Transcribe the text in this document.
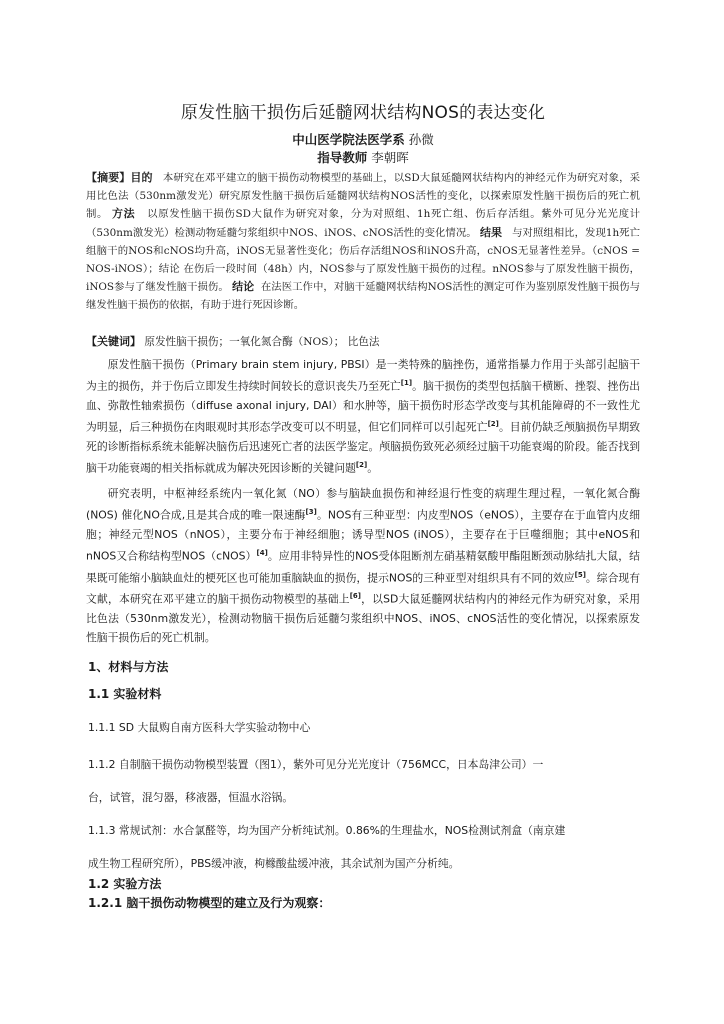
原发性脑干损伤后延髓网状结构NOS的表达变化
中山医学院法医学系 孙微
指导教师 李朝晖
【摘要】目的 本研究在邓平建立的脑干损伤动物模型的基础上，以SD大鼠延髓网状结构内的神经元作为研究对象，采用比色法（530nm激发光）研究原发性脑干损伤后延髓网状结构NOS活性的变化，以探索原发性脑干损伤后的死亡机制。 方法 以原发性脑干损伤SD大鼠作为研究对象，分为对照组、1h死亡组、伤后存活组。紫外可见分光光度计（530nm激发光）检测动物延髓匀浆组织中NOS、iNOS、cNOS活性的变化情况。 结果 与对照组相比，发现1h死亡组脑干的NOS和cNOS均升高，iNOS无显著性变化；伤后存活组NOS和iNOS升高，cNOS无显著性差异。（cNOS = NOS-iNOS）；结论 在伤后一段时间（48h）内，NOS参与了原发性脑干损伤的过程。nNOS参与了原发性脑干损伤，iNOS参与了继发性脑干损伤。 结论 在法医工作中，对脑干延髓网状结构NOS活性的测定可作为鉴别原发性脑干损伤与继发性脑干损伤的依据，有助于进行死因诊断。
【关键词】 原发性脑干损伤；一氧化氮合酶（NOS）； 比色法

原发性脑干损伤（Primary brain stem injury, PBSI）是一类特殊的脑挫伤，通常指暴力作用于头部引起脑干为主的损伤，并于伤后立即发生持续时间较长的意识丧失乃至死亡[1]。脑干损伤的类型包括脑干横断、挫裂、挫伤出血、弥散性轴索损伤（diffuse axonal injury, DAI）和水肿等，脑干损伤时形态学改变与其机能障碍的不一致性尤为明显，后三种损伤在肉眼观时其形态学改变可以不明显，但它们同样可以引起死亡[2]。目前仍缺乏颅脑损伤早期致死的诊断指标系统未能解决脑伤后迅速死亡者的法医学鉴定。颅脑损伤致死必须经过脑干功能衰竭的阶段。能否找到脑干功能衰竭的相关指标就成为解决死因诊断的关键问题[2]。

研究表明，中枢神经系统内一氧化氮（NO）参与脑缺血损伤和神经退行性变的病理生理过程，一氧化氮合酶 (NOS) 催化NO合成,且是其合成的唯一限速酶[3]。NOS有三种亚型：内皮型NOS（eNOS），主要存在于血管内皮细胞；神经元型NOS（nNOS），主要分布于神经细胞；诱导型NOS (iNOS），主要存在于巨噬细胞；其中eNOS和nNOS又合称结构型NOS（cNOS）[4]。应用非特异性的NOS受体阻断剂左硝基精氨酸甲酯阻断颈动脉结扎大鼠，结果既可能缩小脑缺血灶的梗死区也可能加重脑缺血的损伤，提示NOS的三种亚型对组织具有不同的效应[5]。综合现有文献，本研究在邓平建立的脑干损伤动物模型的基础上[6]，以SD大鼠延髓网状结构内的神经元作为研究对象，采用比色法（530nm激发光），检测动物脑干损伤后延髓匀浆组织中NOS、iNOS、cNOS活性的变化情况，以探索原发性脑干损伤后的死亡机制。

1、材料与方法
1.1 实验材料
1.1.1 SD 大鼠购自南方医科大学实验动物中心
1.1.2 自制脑干损伤动物模型装置（图1），紫外可见分光光度计（756MCC，日本岛津公司）一
台，试管，混匀器，移液器，恒温水浴锅。
1.1.3 常规试剂：水合氯醛等，均为国产分析纯试剂。0.86%的生理盐水，NOS检测试剂盒（南京建
成生物工程研究所），PBS缓冲液，枸橼酸盐缓冲液，其余试剂为国产分析纯。
1.2 实验方法
1.2.1 脑干损伤动物模型的建立及行为观察：
